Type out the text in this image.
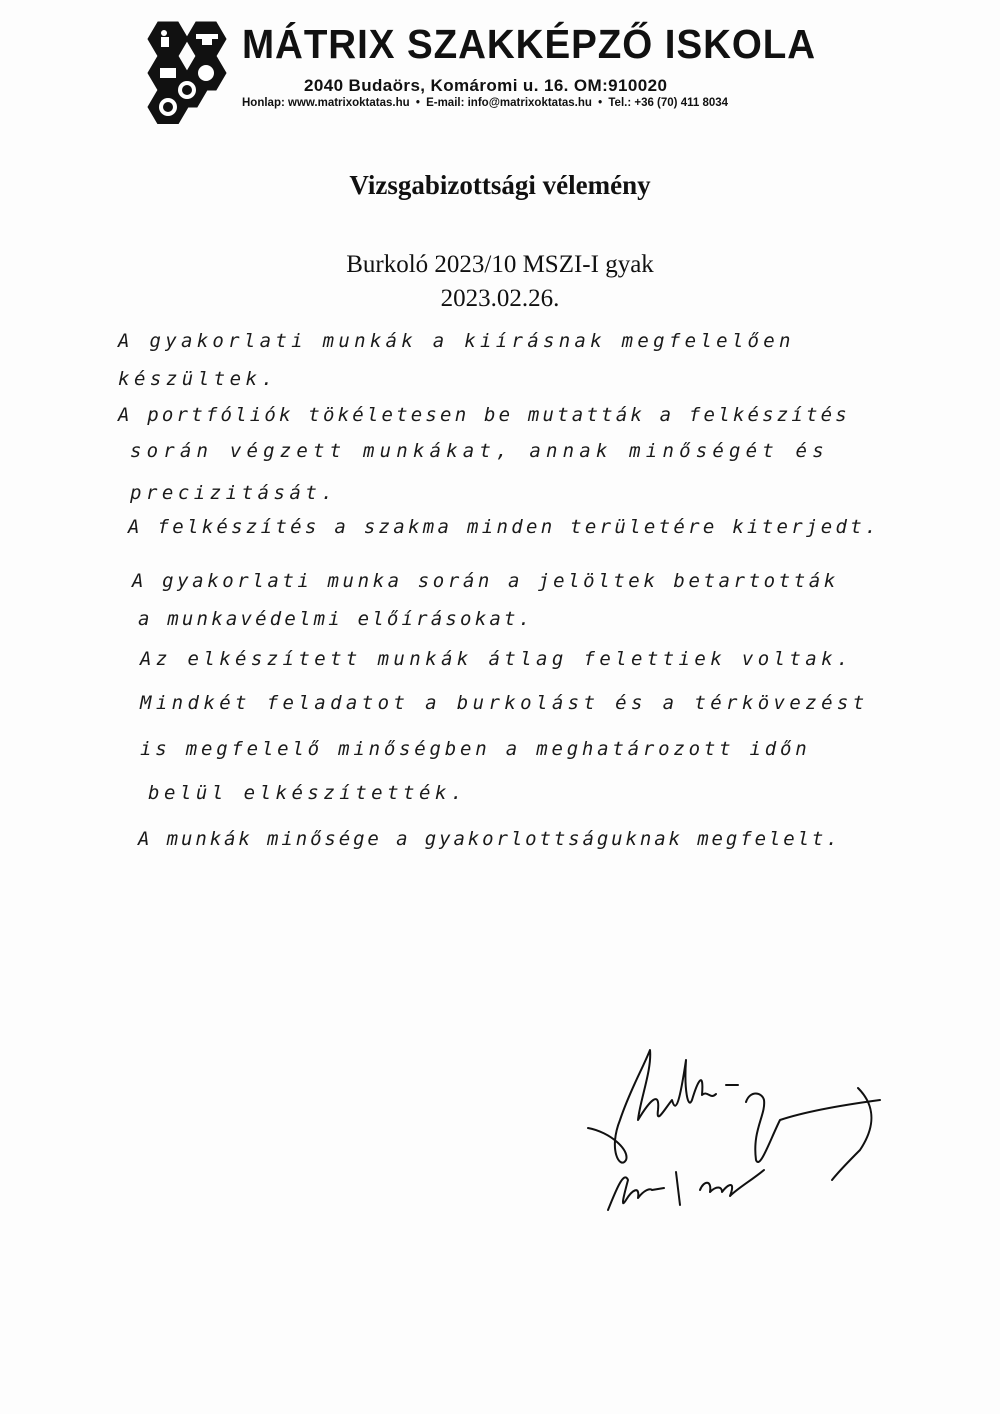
MÁTRIX SZAKKÉPZŐ ISKOLA
2040 Budaörs, Komáromi u. 16. OM:910020
Honlap: www.matrixoktatas.hu • E-mail: info@matrixoktatas.hu • Tel.: +36 (70) 411 8034
Vizsgabizottsági vélemény
Burkoló 2023/10 MSZI-I gyak
2023.02.26.
A gyakorlati munkák a kiírásnak megfelelően
készültek.
A portfóliók tökéletesen be mutatták a felkészítés
során végzett munkákat, annak minőségét és
precizitását.
A felkészítés a szakma minden területére kiterjedt.
A gyakorlati munka során a jelöltek betartották
a munkavédelmi előírásokat.
Az elkészített munkák átlag felettiek voltak.
Mindkét feladatot a burkolást és a térkövezést
is megfelelő minőségben a meghatározott időn
belül elkészítették.
A munkák minősége a gyakorlottságuknak megfelelt.
